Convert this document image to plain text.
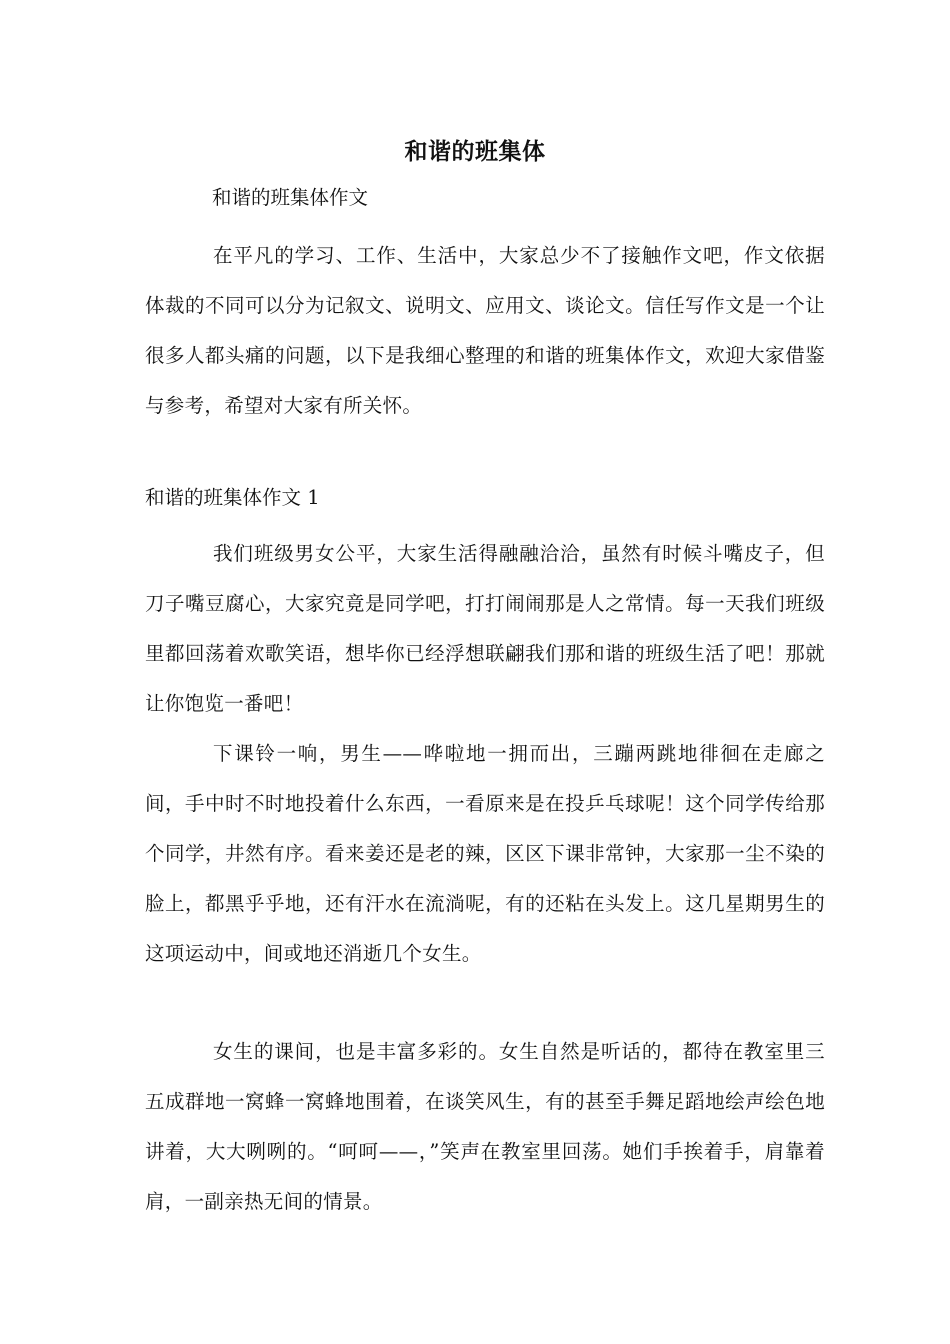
和谐的班集体
和谐的班集体作文
在平凡的学习、工作、生活中，大家总少不了接触作文吧，作文依据体裁的不同可以分为记叙文、说明文、应用文、谈论文。信任写作文是一个让很多人都头痛的问题，以下是我细心整理的和谐的班集体作文，欢迎大家借鉴与参考，希望对大家有所关怀。
和谐的班集体作文 1
我们班级男女公平，大家生活得融融洽洽，虽然有时候斗嘴皮子，但刀子嘴豆腐心，大家究竟是同学吧，打打闹闹那是人之常情。每一天我们班级里都回荡着欢歌笑语，想毕你已经浮想联翩我们那和谐的班级生活了吧！那就让你饱览一番吧！
下课铃一响，男生——哗啦地一拥而出，三蹦两跳地徘徊在走廊之间，手中时不时地投着什么东西，一看原来是在投乒乓球呢！这个同学传给那个同学，井然有序。看来姜还是老的辣，区区下课非常钟，大家那一尘不染的脸上，都黑乎乎地，还有汗水在流淌呢，有的还粘在头发上。这几星期男生的这项运动中，间或地还消逝几个女生。
女生的课间，也是丰富多彩的。女生自然是听话的，都待在教室里三五成群地一窝蜂一窝蜂地围着，在谈笑风生，有的甚至手舞足蹈地绘声绘色地讲着，大大咧咧的。“呵呵——，”笑声在教室里回荡。她们手挨着手，肩靠着肩，一副亲热无间的情景。
